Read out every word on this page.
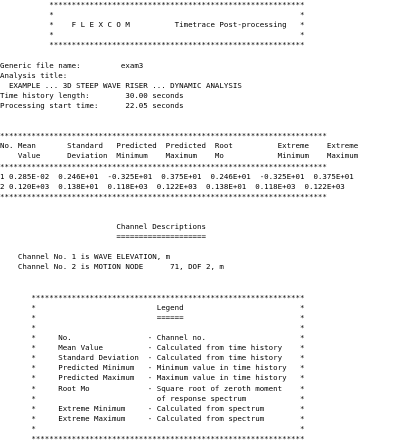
*********************************************************
*                                                       *
*    F L E X C O M          Timetrace Post-processing   *
*                                                       *
*********************************************************
Generic file name:         exam3
Analysis title:
EXAMPLE ... 3D STEEP WAVE RISER ... DYNAMIC ANALYSIS
Time history length:        30.00 seconds
Processing start time:      22.05 seconds
*************************************************************************
No. Mean       Standard   Predicted  Predicted  Root          Extreme    Extreme
Value      Deviation  Minimum    Maximum    Mo            Minimum    Maximum
*************************************************************************
1 0.285E-02  0.246E+01  -0.325E+01  0.375E+01  0.246E+01  -0.325E+01  0.375E+01
2 0.120E+03  0.138E+01  0.118E+03  0.122E+03  0.138E+01  0.118E+03  0.122E+03
*************************************************************************
Channel Descriptions
====================
Channel No. 1 is WAVE ELEVATION, m
Channel No. 2 is MOTION NODE      71, DOF 2, m
*************************************************************
*                           Legend                          *
*                           ======                          *
*                                                           *
*     No.                 - Channel no.                     *
*     Mean Value          - Calculated from time history    *
*     Standard Deviation  - Calculated from time history    *
*     Predicted Minimum   - Minimum value in time history   *
*     Predicted Maximum   - Maximum value in time history   *
*     Root Mo             - Square root of zeroth moment    *
*                           of response spectrum            *
*     Extreme Minimum     - Calculated from spectrum        *
*     Extreme Maximum     - Calculated from spectrum        *
*                                                           *
*************************************************************
